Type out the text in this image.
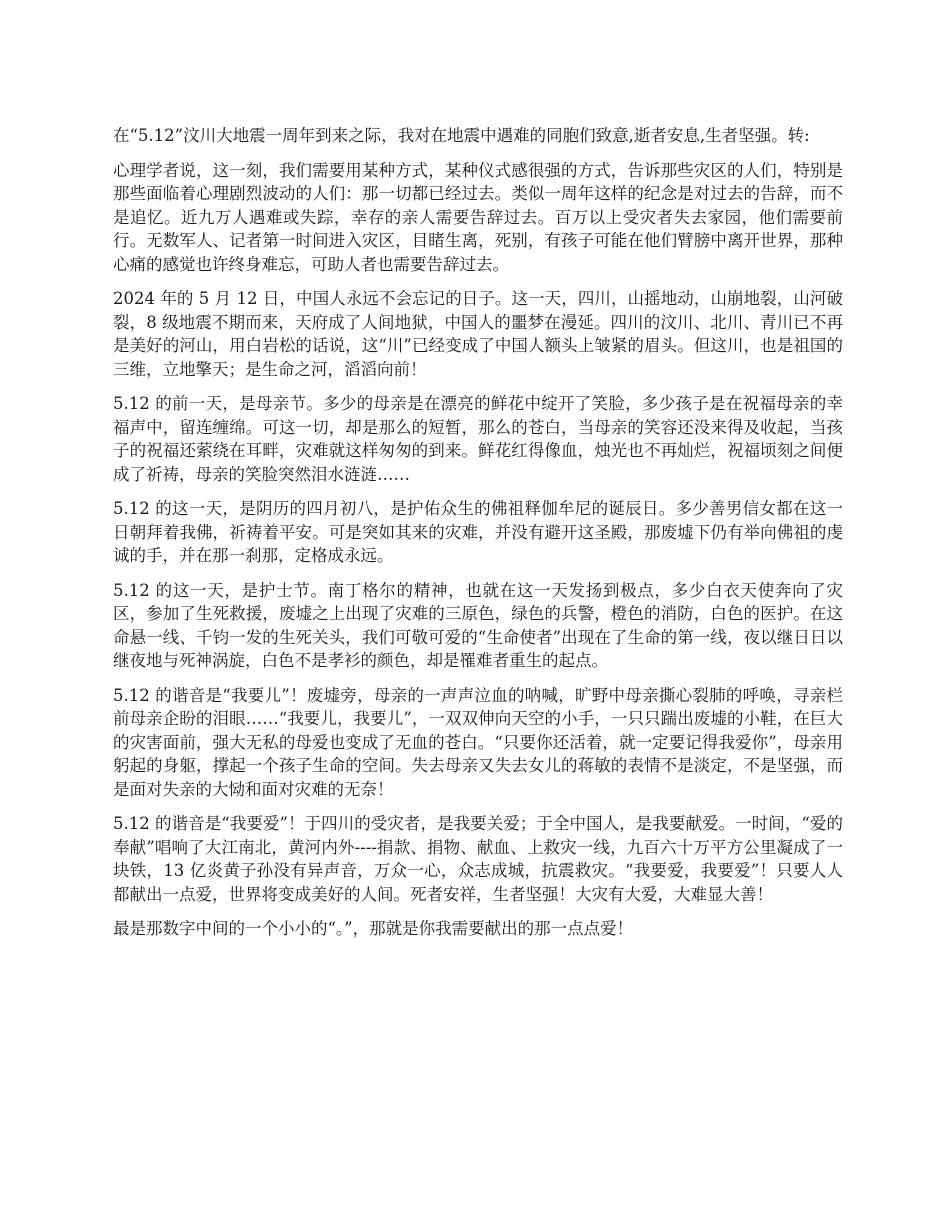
在“5.12”汶川大地震一周年到来之际，我对在地震中遇难的同胞们致意,逝者安息,生者坚强。转:

心理学者说，这一刻，我们需要用某种方式，某种仪式感很强的方式，告诉那些灾区的人们，特别是那些面临着心理剧烈波动的人们：那一切都已经过去。类似一周年这样的纪念是对过去的告辞，而不是追忆。近九万人遇难或失踪，幸存的亲人需要告辞过去。百万以上受灾者失去家园，他们需要前行。无数军人、记者第一时间进入灾区，目睹生离，死别，有孩子可能在他们臂膀中离开世界，那种心痛的感觉也许终身难忘，可助人者也需要告辞过去。

2024 年的 5 月 12 日，中国人永远不会忘记的日子。这一天，四川，山摇地动，山崩地裂，山河破裂，8 级地震不期而来，天府成了人间地狱，中国人的噩梦在漫延。四川的汶川、北川、青川已不再是美好的河山，用白岩松的话说，这“川”已经变成了中国人额头上皱紧的眉头。但这川，也是祖国的三维，立地擎天；是生命之河，滔滔向前！

5.12 的前一天，是母亲节。多少的母亲是在漂亮的鲜花中绽开了笑脸，多少孩子是在祝福母亲的幸福声中，留连缠绵。可这一切，却是那么的短暂，那么的苍白，当母亲的笑容还没来得及收起，当孩子的祝福还萦绕在耳畔，灾难就这样匆匆的到来。鲜花红得像血，烛光也不再灿烂，祝福顷刻之间便成了祈祷，母亲的笑脸突然泪水涟涟……

5.12 的这一天，是阴历的四月初八，是护佑众生的佛祖释伽牟尼的诞辰日。多少善男信女都在这一日朝拜着我佛，祈祷着平安。可是突如其来的灾难，并没有避开这圣殿，那废墟下仍有举向佛祖的虔诚的手，并在那一刹那，定格成永远。

5.12 的这一天，是护士节。南丁格尔的精神，也就在这一天发扬到极点，多少白衣天使奔向了灾区，参加了生死救援，废墟之上出现了灾难的三原色，绿色的兵警，橙色的消防，白色的医护。在这命悬一线、千钧一发的生死关头，我们可敬可爱的“生命使者”出现在了生命的第一线，夜以继日日以继夜地与死神涡旋，白色不是孝衫的颜色，却是罹难者重生的起点。

5.12 的谐音是“我要儿”！废墟旁，母亲的一声声泣血的呐喊，旷野中母亲撕心裂肺的呼唤，寻亲栏前母亲企盼的泪眼……“我要儿，我要儿”，一双双伸向天空的小手，一只只踹出废墟的小鞋，在巨大的灾害面前，强大无私的母爱也变成了无血的苍白。“只要你还活着，就一定要记得我爱你”，母亲用躬起的身躯，撑起一个孩子生命的空间。失去母亲又失去女儿的蒋敏的表情不是淡定，不是坚强，而是面对失亲的大恸和面对灾难的无奈！

5.12 的谐音是“我要爱”！于四川的受灾者，是我要关爱；于全中国人，是我要献爱。一时间，“爱的奉献”唱响了大江南北，黄河内外----捐款、捐物、献血、上救灾一线，九百六十万平方公里凝成了一块铁，13 亿炎黄子孙没有异声音，万众一心，众志成城，抗震救灾。“我要爱，我要爱”！只要人人都献出一点爱，世界将变成美好的人间。死者安祥，生者坚强！大灾有大爱，大难显大善！

最是那数字中间的一个小小的“。”，那就是你我需要献出的那一点点爱！
